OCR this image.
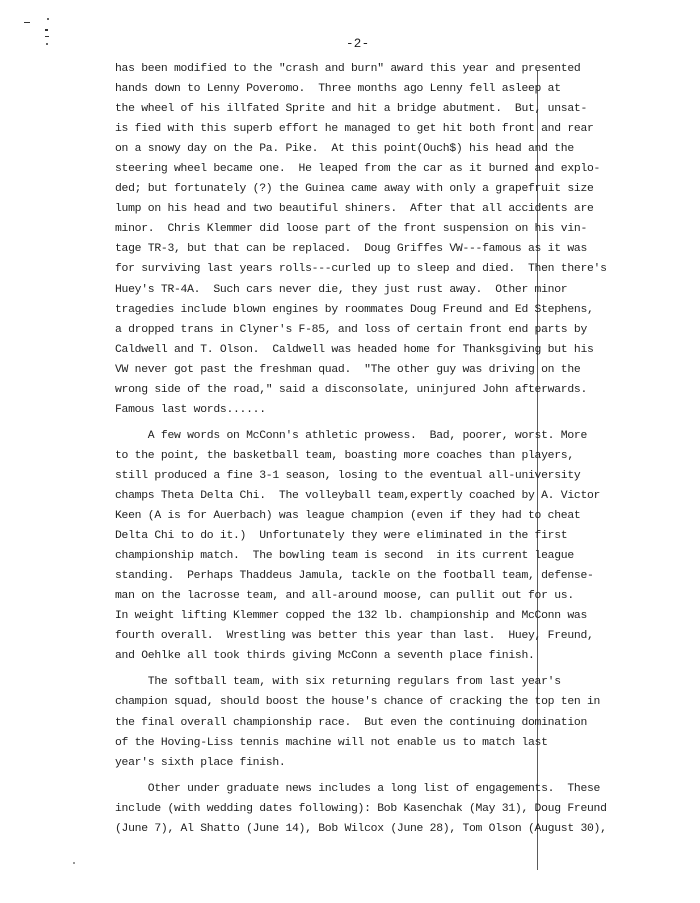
-2-
has been modified to the "crash and burn" award this year and presented
hands down to Lenny Poveromo.  Three months ago Lenny fell asleep at
the wheel of his illfated Sprite and hit a bridge abutment.  But, unsat-
is fied with this superb effort he managed to get hit both front and rear
on a snowy day on the Pa. Pike.  At this point(Ouch$) his head and the
steering wheel became one.  He leaped from the car as it burned and explo-
ded; but fortunately (?) the Guinea came away with only a grapefruit size
lump on his head and two beautiful shiners.  After that all accidents are
minor.  Chris Klemmer did loose part of the front suspension on his vin-
tage TR-3, but that can be replaced.  Doug Griffes VW---famous as it was
for surviving last years rolls---curled up to sleep and died.  Then there's
Huey's TR-4A.  Such cars never die, they just rust away.  Other minor
tragedies include blown engines by roommates Doug Freund and Ed Stephens,
a dropped trans in Clyner's F-85, and loss of certain front end parts by
Caldwell and T. Olson.  Caldwell was headed home for Thanksgiving but his
VW never got past the freshman quad.  "The other guy was driving on the
wrong side of the road," said a disconsolate, uninjured John afterwards.
Famous last words......
A few words on McConn's athletic prowess.  Bad, poorer, worst. More
to the point, the basketball team, boasting more coaches than players,
still produced a fine 3-1 season, losing to the eventual all-university
champs Theta Delta Chi.  The volleyball team,expertly coached by A. Victor
Keen (A is for Auerbach) was league champion (even if they had to cheat
Delta Chi to do it.)  Unfortunately they were eliminated in the first
championship match.  The bowling team is second  in its current league
standing.  Perhaps Thaddeus Jamula, tackle on the football team, defense-
man on the lacrosse team, and all-around moose, can pullit out for us.
In weight lifting Klemmer copped the 132 lb. championship and McConn was
fourth overall.  Wrestling was better this year than last.  Huey, Freund,
and Oehlke all took thirds giving McConn a seventh place finish.
The softball team, with six returning regulars from last year's
champion squad, should boost the house's chance of cracking the top ten in
the final overall championship race.  But even the continuing domination
of the Hoving-Liss tennis machine will not enable us to match last
year's sixth place finish.
Other under graduate news includes a long list of engagements.  These
include (with wedding dates following): Bob Kasenchak (May 31), Doug Freund
(June 7), Al Shatto (June 14), Bob Wilcox (June 28), Tom Olson (August 30),
